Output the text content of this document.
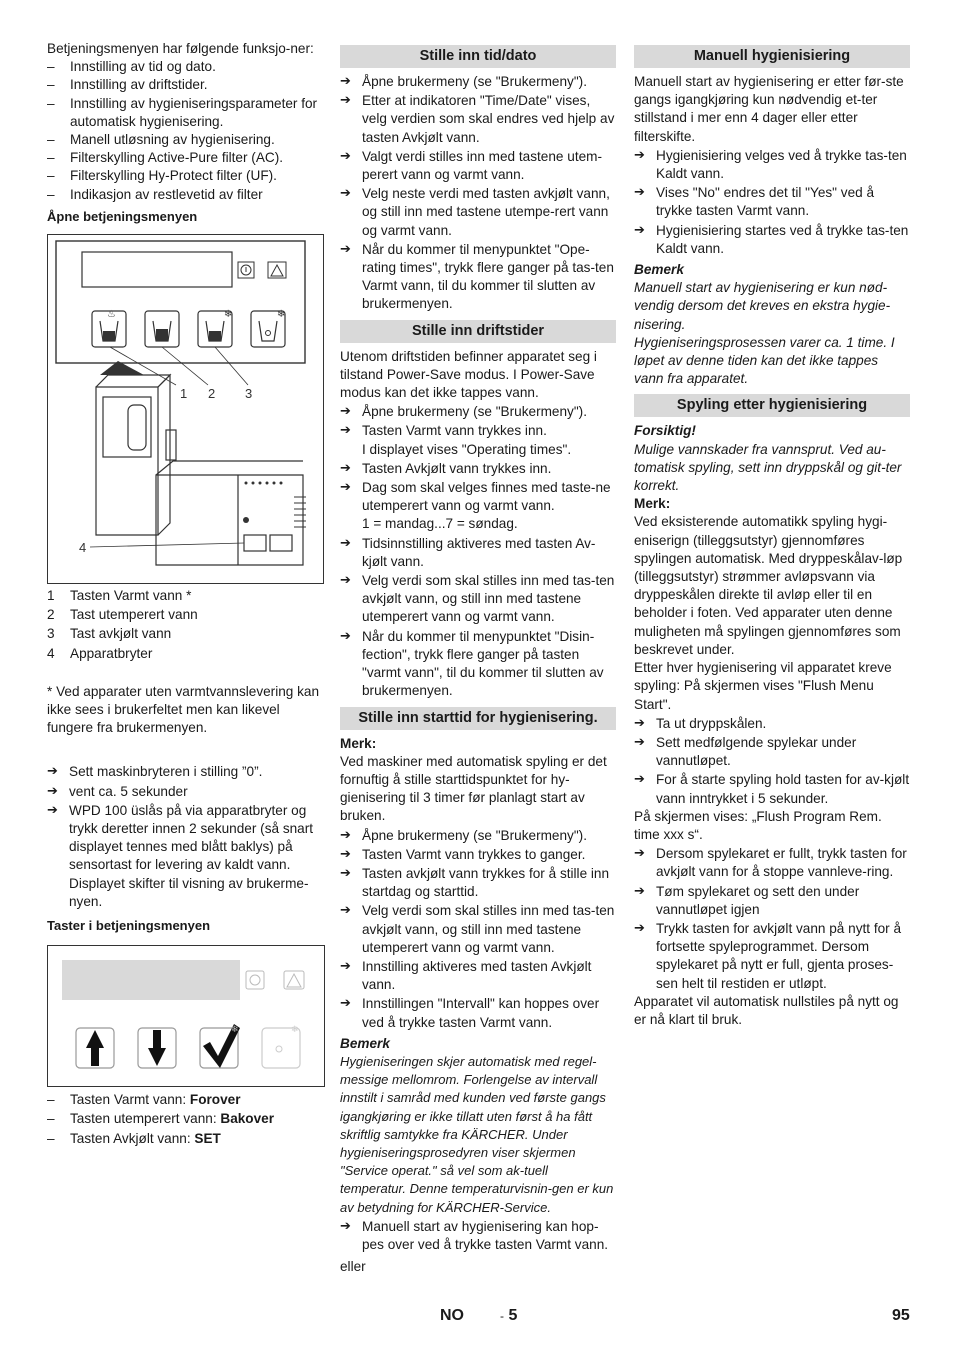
Betjeningsmenyen har følgende funksjo-ner:

– Innstilling av tid og dato.

– Innstilling av driftstider.

– Innstilling av hygieniseringsparameter for automatisk hygienisering.

– Manell utløsning av hygienisering.

– Filterskylling Active-Pure filter (AC).

– Filterskylling Hy-Protect filter (UF).

– Indikasjon av restlevetid av filter

Åpne betjeningsmenyen

♨	❄	❄
1 2 3
4
1	Tasten Varmt vann *
2	Tast utemperert vann
3	Tast avkjølt vann
4	Apparatbryter

* Ved apparater uten varmtvannslevering kan ikke sees i brukerfeltet men kan likevel fungere fra brukermenyen.

➔ Sett maskinbryteren i stilling ”0”.

➔ vent ca. 5 sekunder

➔ WPD 100 üslås på via apparatbryter og trykk deretter innen 2 sekunder (så snart displayet tennes med blått baklys) på sensortast for levering av kaldt vann. Displayet skifter til visning av brukerme-nyen.

Taster i betjeningsmenyen

❄	❄

– Tasten Varmt vann: Forover

– Tasten utemperert vann: Bakover

– Tasten Avkjølt vann: SET

Stille inn tid/dato

➔ Åpne brukermeny (se "Brukermeny").

➔ Etter at indikatoren "Time/Date" vises, velg verdien som skal endres ved hjelp av tasten Avkjølt vann.

➔ Valgt verdi stilles inn med tastene utem-perert vann og varmt vann.

➔ Velg neste verdi med tasten avkjølt vann, og still inn med tastene utempe-rert vann og varmt vann.

➔ Når du kommer til menypunktet "Ope-rating times", trykk flere ganger på tas-ten Varmt vann, til du kommer til slutten av brukermenyen.

Stille inn driftstider

Utenom driftstiden befinner apparatet seg i tilstand Power-Save modus. I Power-Save modus kan det ikke tappes vann.

➔ Åpne brukermeny (se "Brukermeny").

➔ Tasten Varmt vann trykkes inn.

I displayet vises "Operating times".

➔ Tasten Avkjølt vann trykkes inn.

➔ Dag som skal velges finnes med taste-ne utemperert vann og varmt vann.

1 = mandag...7 = søndag.

➔ Tidsinnstilling aktiveres med tasten Av-kjølt vann.

➔ Velg verdi som skal stilles inn med tas-ten avkjølt vann, og still inn med tastene utemperert vann og varmt vann.

➔ Når du kommer til menypunktet "Disin-fection", trykk flere ganger på tasten "varmt vann", til du kommer til slutten av brukermenyen.

Stille inn starttid for hygienisering.

Merk:

Ved maskiner med automatisk spyling er det fornuftig å stille starttidspunktet for hy-gienisering til 3 timer før planlagt start av bruken.

➔ Åpne brukermeny (se "Brukermeny").

➔ Tasten Varmt vann trykkes to ganger.

➔ Tasten avkjølt vann trykkes for å stille inn startdag og starttid.

➔ Velg verdi som skal stilles inn med tas-ten avkjølt vann, og still inn med tastene utemperert vann og varmt vann.

➔ Innstilling aktiveres med tasten Avkjølt vann.

➔ Innstillingen "Intervall" kan hoppes over ved å trykke tasten Varmt vann.

Bemerk

Hygieniseringen skjer automatisk med regel-messige mellomrom. Forlengelse av intervall innstilt i samråd med kunden ved første gangs igangkjøring er ikke tillatt uten først å ha fått skriftlig samtykke fra KÄRCHER. Under hygieniseringsprosedyren viser skjermen "Service operat." så vel som ak-tuell temperatur. Denne temperaturvisnin-gen er kun av betydning for KÄRCHER-Service.

➔ Manuell start av hygienisering kan hop-pes over ved å trykke tasten Varmt vann.

eller

Manuell hygienisiering

Manuell start av hygienisering er etter før-ste gangs igangkjøring kun nødvendig et-ter stillstand i mer enn 4 dager eller etter filterskifte.

➔ Hygienisiering velges ved å trykke tas-ten Kaldt vann.

➔ Vises "No" endres det til "Yes" ved å trykke tasten Varmt vann.

➔ Hygienisiering startes ved å trykke tas-ten Kaldt vann.

Bemerk

Manuell start av hygienisering er kun nød-vendig dersom det kreves en ekstra hygie-nisering.

Hygieniseringsprosessen varer ca. 1 time. I løpet av denne tiden kan det ikke tappes vann fra apparatet.

Spyling etter hygienisiering

Forsiktig!

Mulige vannskader fra vannsprut. Ved au-tomatisk spyling, sett inn dryppskål og git-ter korrekt.

Merk:

Ved eksisterende automatikk spyling hygi-eniserign (tilleggsutstyr) gjennomføres spylingen automatisk. Med dryppeskålav-løp (tilleggsutstyr) strømmer avløpsvann via dryppeskålen direkte til avløp eller til en beholder i foten. Ved apparater uten denne muligheten må spylingen gjennomføres som beskrevet under.

Etter hver hygienisering vil apparatet kreve spyling: På skjermen vises "Flush Menu Start".

➔ Ta ut dryppskålen.

➔ Sett medfølgende spylekar under vannutløpet.

➔ For å starte spyling hold tasten for av-kjølt vann inntrykket i 5 sekunder.

På skjermen vises: „Flush Program Rem. time xxx s“.

➔ Dersom spylekaret er fullt, trykk tasten for avkjølt vann for å stoppe vannleve-ring.

➔ Tøm spylekaret og sett den under vannutløpet igjen

➔ Trykk tasten for avkjølt vann på nytt for å fortsette spyleprogrammet. Dersom spylekaret på nytt er full, gjenta proses-sen helt til restiden er utløpt.

Apparatet vil automatisk nullstiles på nytt og er nå klart til bruk.

NO	- 5	95
